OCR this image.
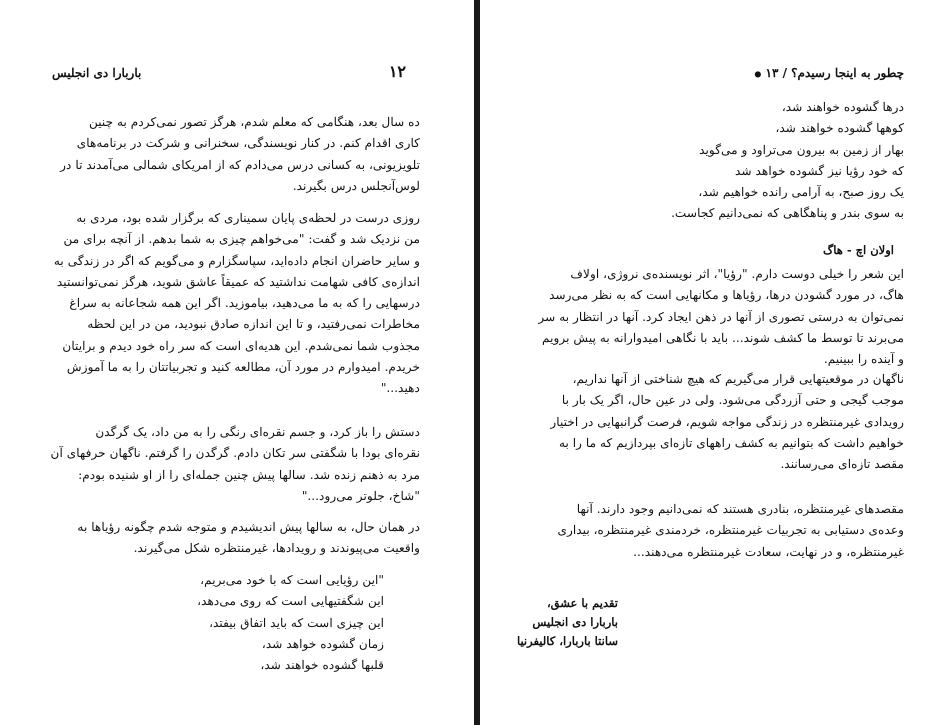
۱۲
باربارا دی انجلیس
ده سال بعد، هنگامی که معلم شدم، هرگز تصور نمی‌کردم به چنین
کاری اقدام کنم. در کنار نویسندگی، سخنرانی و شرکت در برنامه‌های
تلویزیونی، به کسانی درس می‌دادم که از امریکای شمالی می‌آمدند تا در
لوس‌آنجلس درس بگیرند.
روزی درست در لحظه‌ی پایان سمیناری که برگزار شده بود، مردی به
من نزدیک شد و گفت: "می‌خواهم چیزی به شما بدهم. از آنچه برای من
و سایر حاضران انجام داده‌اید، سپاسگزارم و می‌گویم که اگر در زندگی به
اندازه‌ی کافی شهامت نداشتید که عمیقاً عاشق شوید، هرگز نمی‌توانستید
درسهایی را که به ما می‌دهید، بیاموزید. اگر این همه شجاعانه به سراغ
مخاطرات نمی‌رفتید، و تا این اندازه صادق نبودید، من در این لحظه
مجذوب شما نمی‌شدم. این هدیه‌ای است که سر راه خود دیدم و برایتان
خریدم. امیدوارم در مورد آن، مطالعه کنید و تجربیاتتان را به ما آموزش
دهید..."
دستش را باز کرد، و جسم نقره‌ای رنگی را به من داد، یک گرگدن
نقره‌ای بودا با شگفتی سر تکان دادم. گرگدن را گرفتم. ناگهان حرفهای آن
مرد به ذهنم زنده شد. سالها پیش چنین جمله‌ای را از او شنیده بودم:
"شاخ، جلوتر می‌رود..."
در همان حال، به سالها پیش اندیشیدم و متوجه شدم چگونه رؤیاها به
واقعیت می‌پیوندند و رویدادها، غیرمنتظره شکل می‌گیرند.
"این رؤیایی است که با خود می‌بریم،
این شگفتیهایی است که روی می‌دهد،
این چیزی است که باید اتفاق بیفتد،
زمان گشوده خواهد شد،
قلبها گشوده خواهند شد،
چطور به اینجا رسیدم؟ / ۱۳ ●
درها گشوده خواهند شد،
کوهها گشوده خواهند شد،
بهار از زمین به بیرون می‌تراود و می‌گوید
که خود رؤیا نیز گشوده خواهد شد
یک روز صبح، به آرامی رانده خواهیم شد،
به سوی بندر و پناهگاهی که نمی‌دانیم کجاست.
اولان اچ - هاگ
این شعر را خیلی دوست دارم. "رؤیا"، اثر نویسنده‌ی نروژی، اولاف
هاگ، در مورد گشودن درها، رؤیاها و مکانهایی است که به نظر می‌رسد
نمی‌توان به درستی تصوری از آنها در ذهن ایجاد کرد. آنها در انتظار به سر
می‌برند تا توسط ما کشف شوند... باید با نگاهی امیدوارانه به پیش برویم
و آینده را ببینیم.
ناگهان در موقعیتهایی قرار می‌گیریم که هیچ شناختی از آنها نداریم،
موجب گیجی و حتی آزردگی می‌شود. ولی در عین حال، اگر یک بار با
رویدادی غیرمنتظره در زندگی مواجه شویم، فرصت گرانبهایی در اختیار
خواهیم داشت که بتوانیم به کشف راههای تازه‌ای بپردازیم که ما را به
مقصد تازه‌ای می‌رسانند.
مقصدهای غیرمنتظره، بنادری هستند که نمی‌دانیم وجود دارند. آنها
وعده‌ی دستیابی به تجربیات غیرمنتظره، خردمندی غیرمنتظره، بیداری
غیرمنتظره، و در نهایت، سعادت غیرمنتظره می‌دهند...
تقدیم با عشق،
باربارا دی انجلیس
سانتا باربارا، کالیفرنیا
